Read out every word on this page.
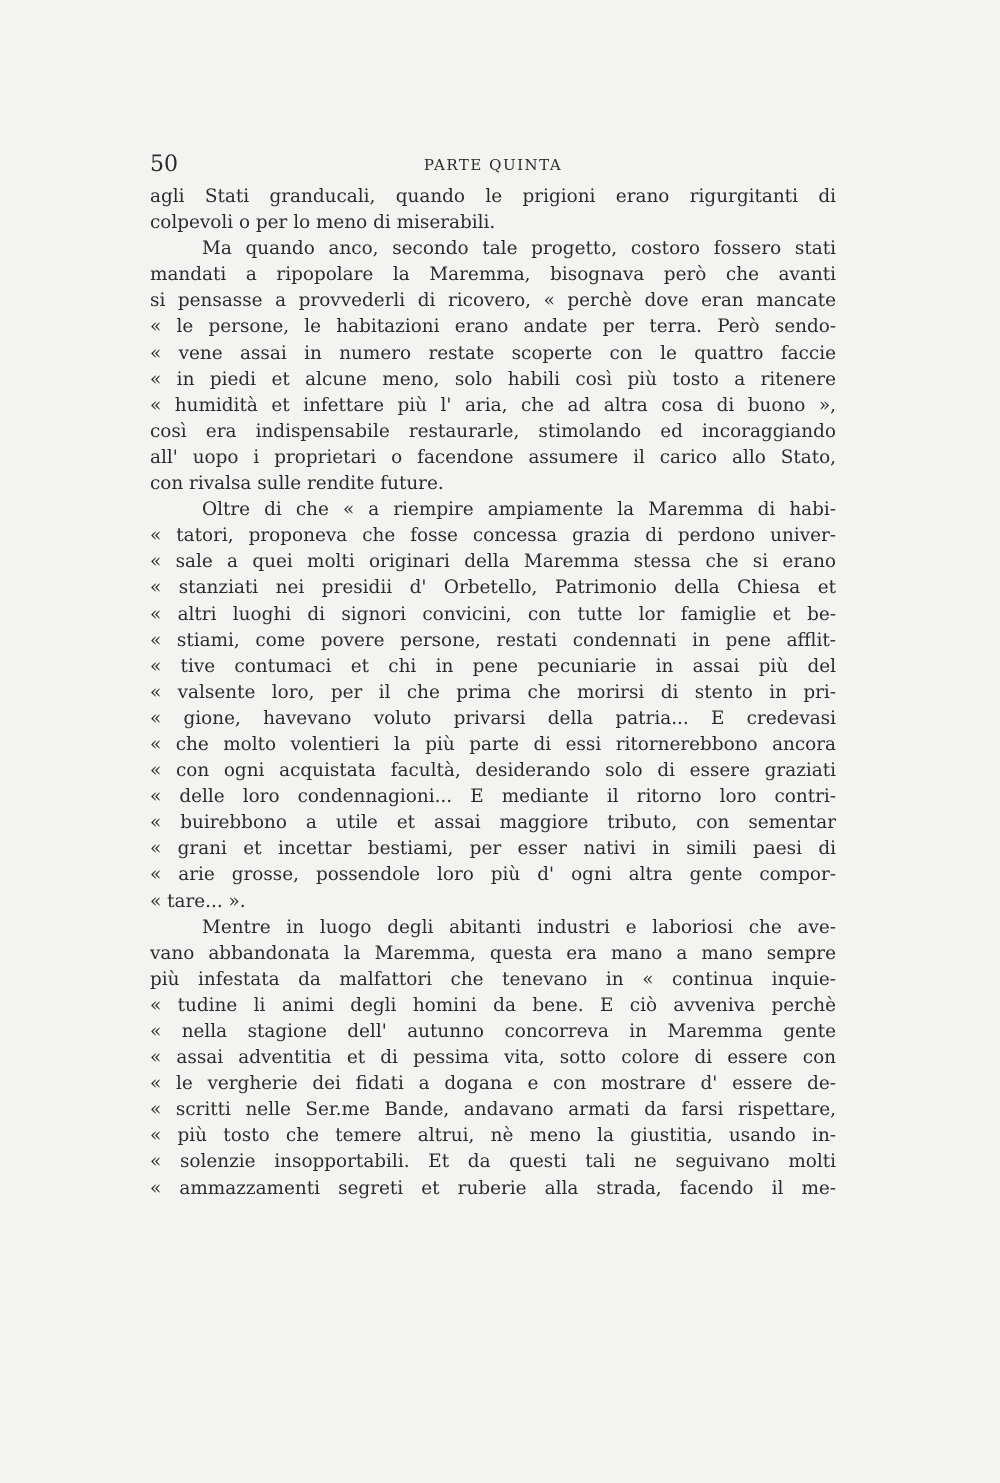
50	PARTE QUINTA
agli Stati granducali, quando le prigioni erano rigurgitanti di
colpevoli o per lo meno di miserabili.
Ma quando anco, secondo tale progetto, costoro fossero stati
mandati a ripopolare la Maremma, bisognava però che avanti
si pensasse a provvederli di ricovero, « perchè dove eran mancate
« le persone, le habitazioni erano andate per terra. Però sendo-
« vene assai in numero restate scoperte con le quattro faccie
« in piedi et alcune meno, solo habili così più tosto a ritenere
« humidità et infettare più l' aria, che ad altra cosa di buono »,
così era indispensabile restaurarle, stimolando ed incoraggiando
all' uopo i proprietari o facendone assumere il carico allo Stato,
con rivalsa sulle rendite future.
Oltre di che « a riempire ampiamente la Maremma di habi-
« tatori, proponeva che fosse concessa grazia di perdono univer-
« sale a quei molti originari della Maremma stessa che si erano
« stanziati nei presidii d' Orbetello, Patrimonio della Chiesa et
« altri luoghi di signori convicini, con tutte lor famiglie et be-
« stiami, come povere persone, restati condennati in pene afflit-
« tive contumaci et chi in pene pecuniarie in assai più del
« valsente loro, per il che prima che morirsi di stento in pri-
« gione, havevano voluto privarsi della patria... E credevasi
« che molto volentieri la più parte di essi ritornerebbono ancora
« con ogni acquistata facultà, desiderando solo di essere graziati
« delle loro condennagioni... E mediante il ritorno loro contri-
« buirebbono a utile et assai maggiore tributo, con sementar
« grani et incettar bestiami, per esser nativi in simili paesi di
« arie grosse, possendole loro più d' ogni altra gente compor-
« tare... ».
Mentre in luogo degli abitanti industri e laboriosi che ave-
vano abbandonata la Maremma, questa era mano a mano sempre
più infestata da malfattori che tenevano in « continua inquie-
« tudine li animi degli homini da bene. E ciò avveniva perchè
« nella stagione dell' autunno concorreva in Maremma gente
« assai adventitia et di pessima vita, sotto colore di essere con
« le vergherie dei fidati a dogana e con mostrare d' essere de-
« scritti nelle Ser.me Bande, andavano armati da farsi rispettare,
« più tosto che temere altrui, nè meno la giustitia, usando in-
« solenzie insopportabili. Et da questi tali ne seguivano molti
« ammazzamenti segreti et ruberie alla strada, facendo il me-
